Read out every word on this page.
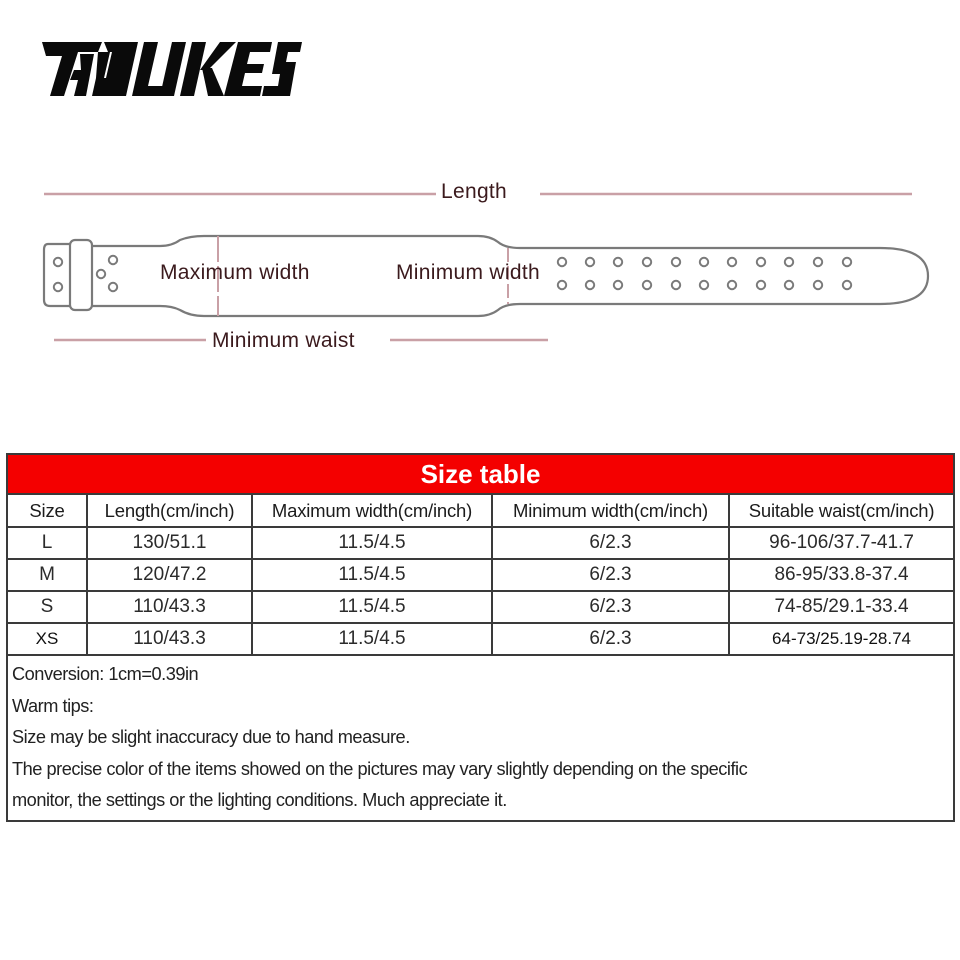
Length
Maximum width	Minimum width
Minimum waist
Size table				
Size	Length(cm/inch)	Maximum width(cm/inch)	Minimum width(cm/inch)	Suitable waist(cm/inch)
L	130/51.1	11.5/4.5	6/2.3	96-106/37.7-41.7
M	120/47.2	11.5/4.5	6/2.3	86-95/33.8-37.4
S	110/43.3	11.5/4.5	6/2.3	74-85/29.1-33.4
XS	110/43.3	11.5/4.5	6/2.3	64-73/25.19-28.74

Conversion: 1cm=0.39in
Warm tips:
Size may be slight inaccuracy due to hand measure.
The precise color of the items showed on the pictures may vary slightly depending on the specific
monitor, the settings or the lighting conditions. Much appreciate it.				
